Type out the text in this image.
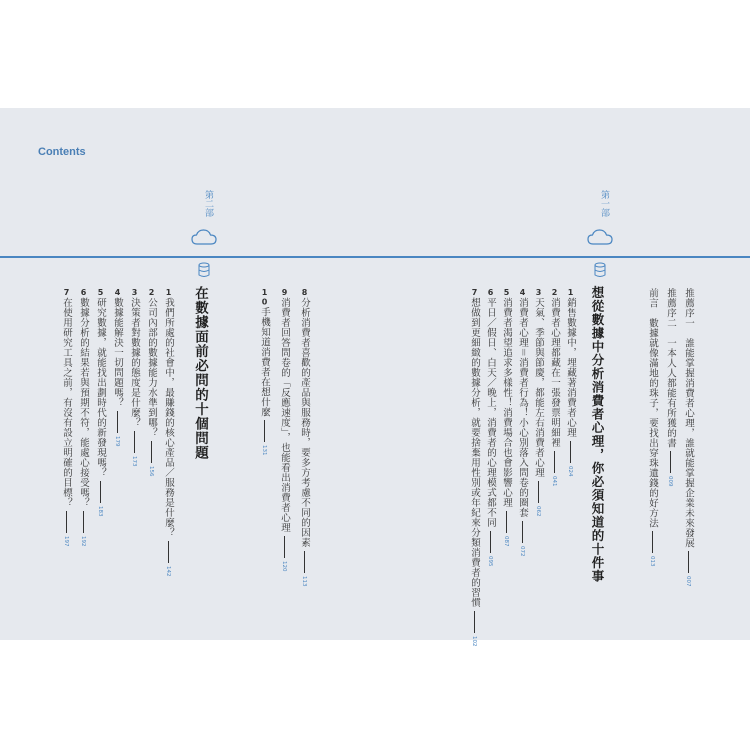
Contents
第二部	第一部
在數據面前必問的十個問題	想從數據中分析消費者心理，你必須知道的十件事	推薦序一　誰能掌握消費者心理，誰就能掌握企業未來發展
007
推薦序二　一本人人都能有所獲的書
009
前言　數據就像滿地的珠子，要找出穿珠遺錢的好方法
013
1銷售數據中，埋藏著消費者心理
024
2消費者心理都藏在一張發票明細裡
041
3天氣、季節與節慶，都能左右消費者心理
062
4消費者心理＝消費者行為！小心別落入問卷的圈套
072
5消費者渴望追求多樣性！消費場合也會影響心理
087
6平日／假日、白天／晚上，消費者的心理模式都不同
095
7想做到更細緻的數據分析，就要捨棄用性別或年紀來分類消費者的習慣
102
8分析消費者喜歡的產品與服務時，要多方考慮不同的因素
113
9消費者回答問卷的「反應速度」，也能看出消費者心理
120
10手機知道消費者在想什麼
131
1我們所處的社會中，最賺錢的核心產品／服務是什麼？
142
2公司內部的數據能力水準到哪？
156
3決策者對數據的態度是什麼？
173
4數據能解決一切問題嗎？
179
5研究數據，就能找出劃時代的新發現嗎？
183
6數據分析的結果若與預期不符，能處心接受嗎？
192
7在使用研究工具之前，有沒有設立明確的目標？
197
